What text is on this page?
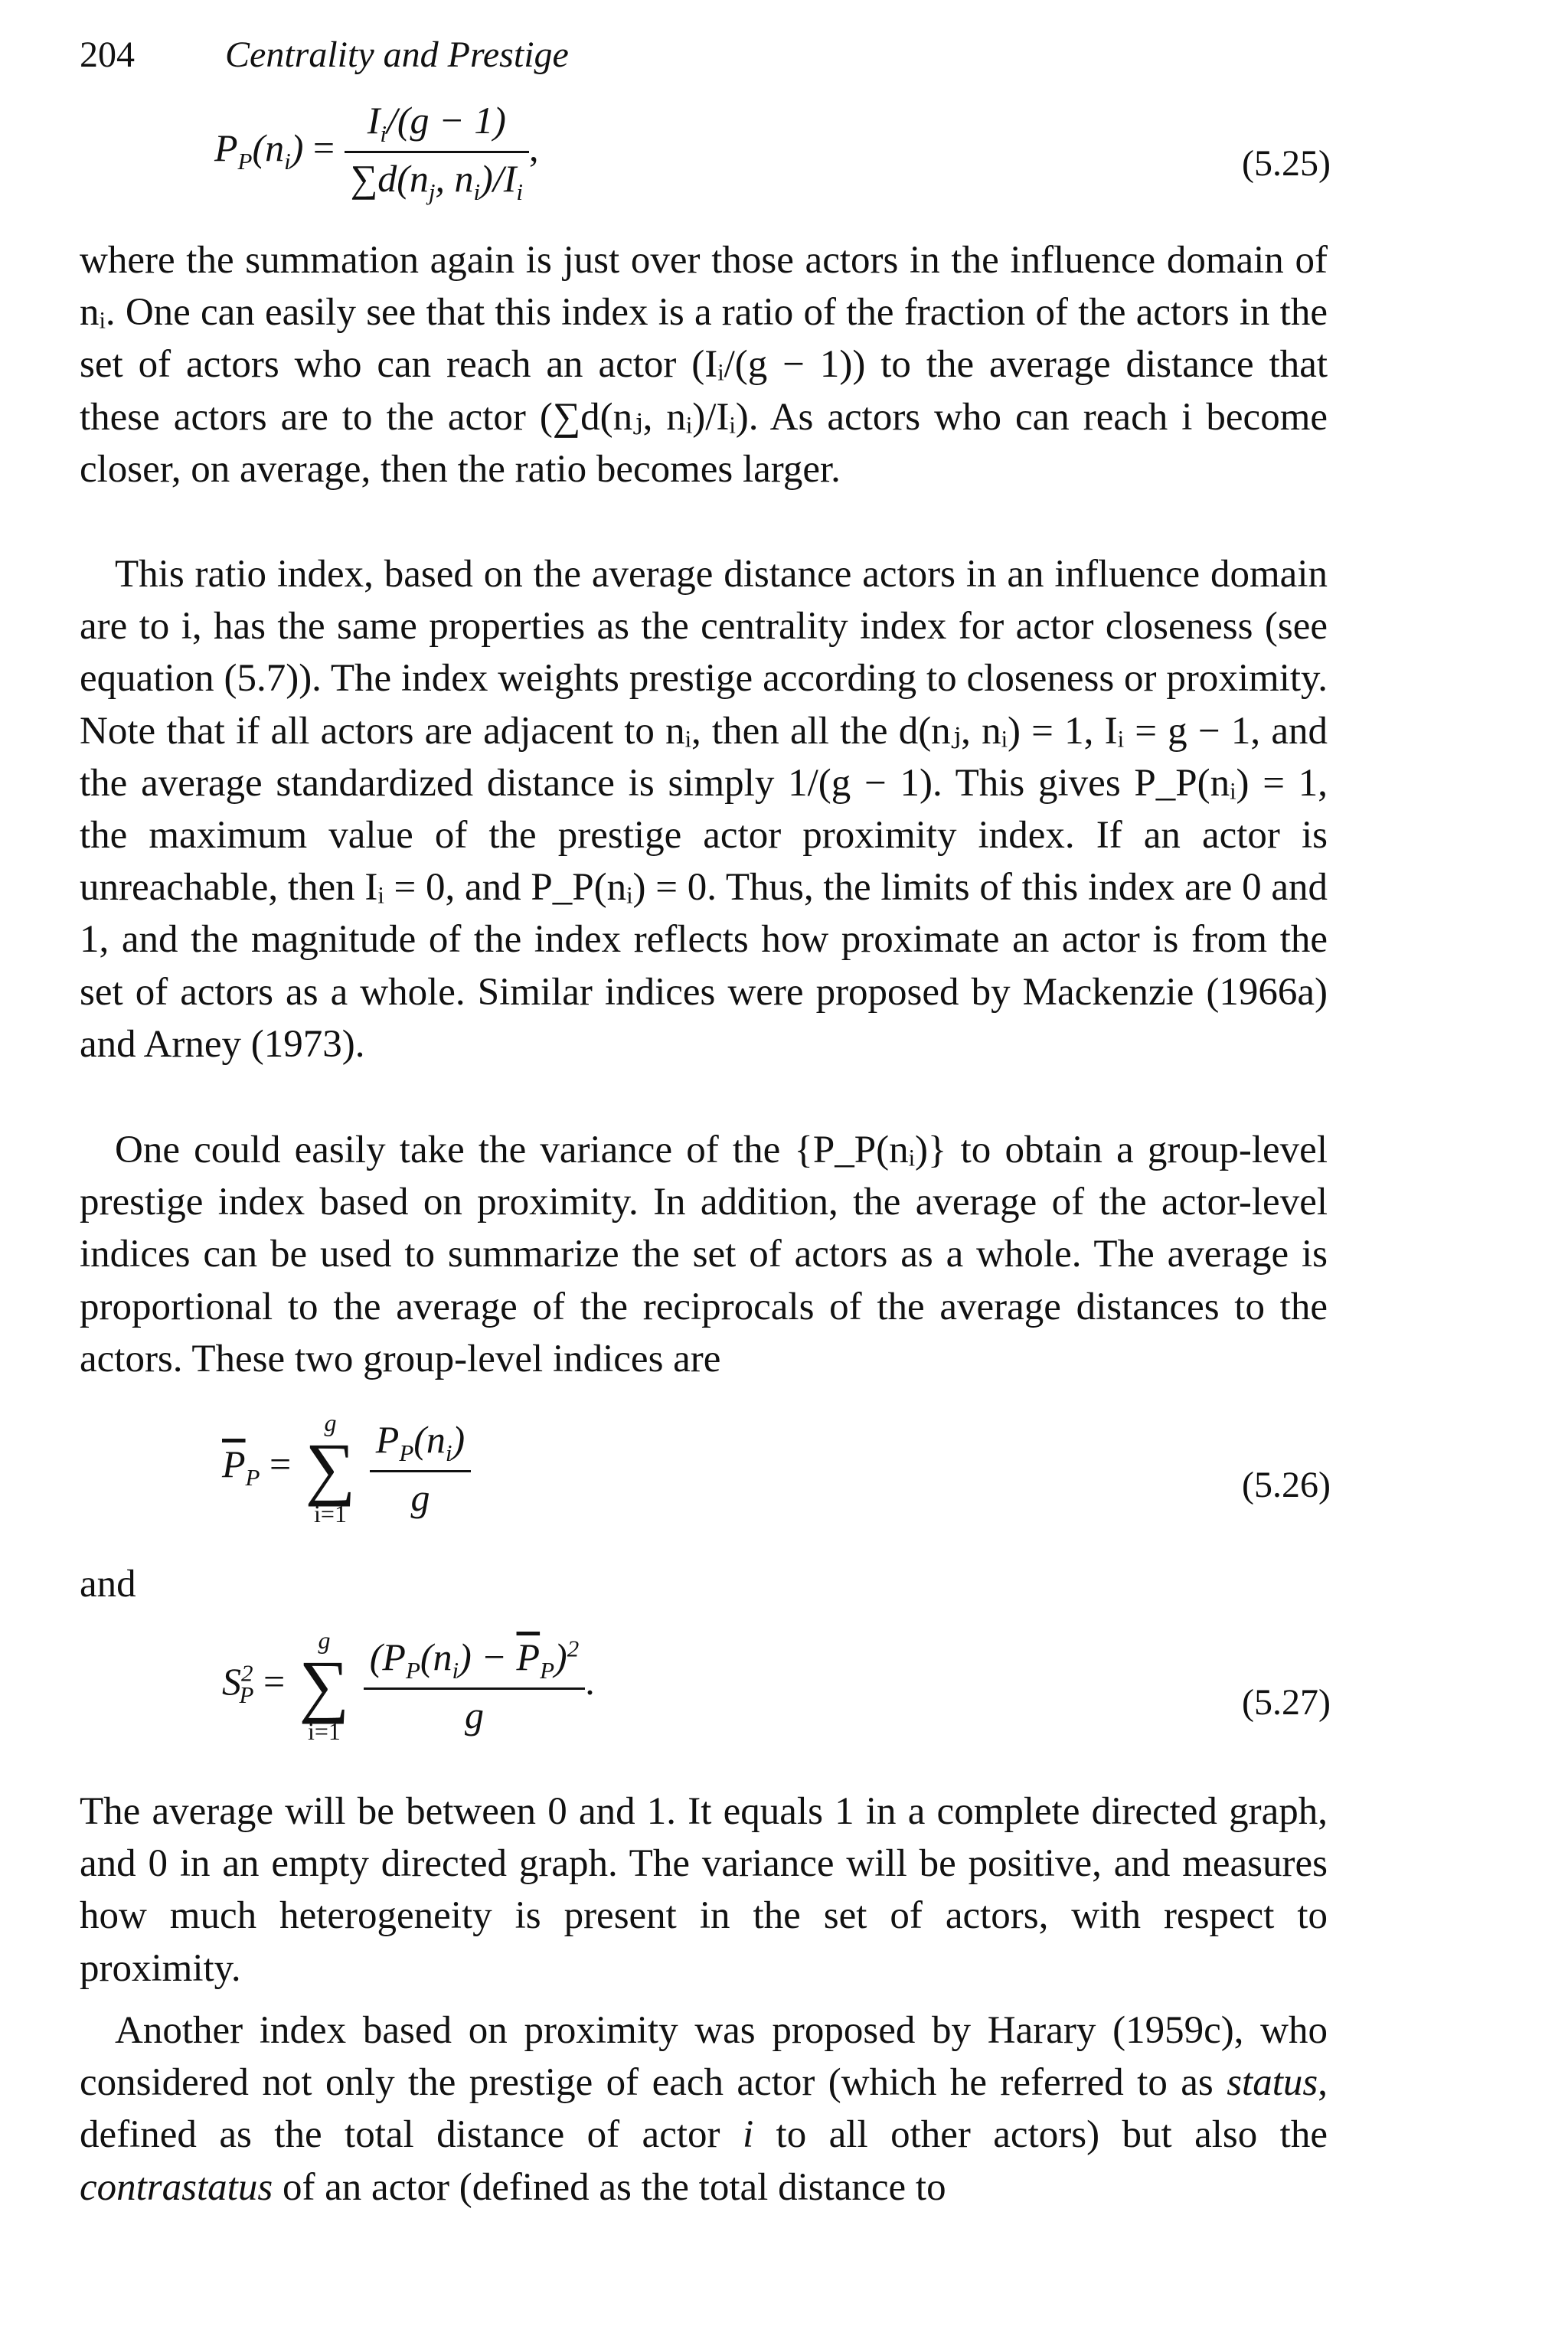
204 Centrality and Prestige
$P_P(n_i) = \frac{I_i/(g - 1)}{\sum d(n_j, n_i)/I_i}$ ,	(5.25)

where the summation again is just over those actors in the influence domain of nᵢ. One can easily see that this index is a ratio of the fraction of the actors in the set of actors who can reach an actor (Iᵢ/(g − 1)) to the average distance that these actors are to the actor (∑d(nⱼ, nᵢ)/Iᵢ). As actors who can reach i become closer, on average, then the ratio becomes larger.

This ratio index, based on the average distance actors in an influence domain are to i, has the same properties as the centrality index for actor closeness (see equation (5.7)). The index weights prestige according to closeness or proximity. Note that if all actors are adjacent to nᵢ, then all the d(nⱼ, nᵢ) = 1, Iᵢ = g − 1, and the average standardized distance is simply 1/(g − 1). This gives P_P(nᵢ) = 1, the maximum value of the prestige actor proximity index. If an actor is unreachable, then Iᵢ = 0, and P_P(nᵢ) = 0. Thus, the limits of this index are 0 and 1, and the magnitude of the index reflects how proximate an actor is from the set of actors as a whole. Similar indices were proposed by Mackenzie (1966a) and Arney (1973).

One could easily take the variance of the {P_P(nᵢ)} to obtain a group-level prestige index based on proximity. In addition, the average of the actor-level indices can be used to summarize the set of actors as a whole. The average is proportional to the average of the reciprocals of the average distances to the actors. These two group-level indices are

$\overline{P}_P$ =
g
∑
i=1
$\frac{P_P(n_i)}{g}$	(5.26)
and
$S^2_P$ =
g
∑
i=1
$\frac{(P_P(n_i) - \overline{P}_P)^2}{g}$ .	(5.27)

The average will be between 0 and 1. It equals 1 in a complete directed graph, and 0 in an empty directed graph. The variance will be positive, and measures how much heterogeneity is present in the set of actors, with respect to proximity.

Another index based on proximity was proposed by Harary (1959c), who considered not only the prestige of each actor (which he referred to as status, defined as the total distance of actor i to all other actors) but also the contrastatus of an actor (defined as the total distance to
